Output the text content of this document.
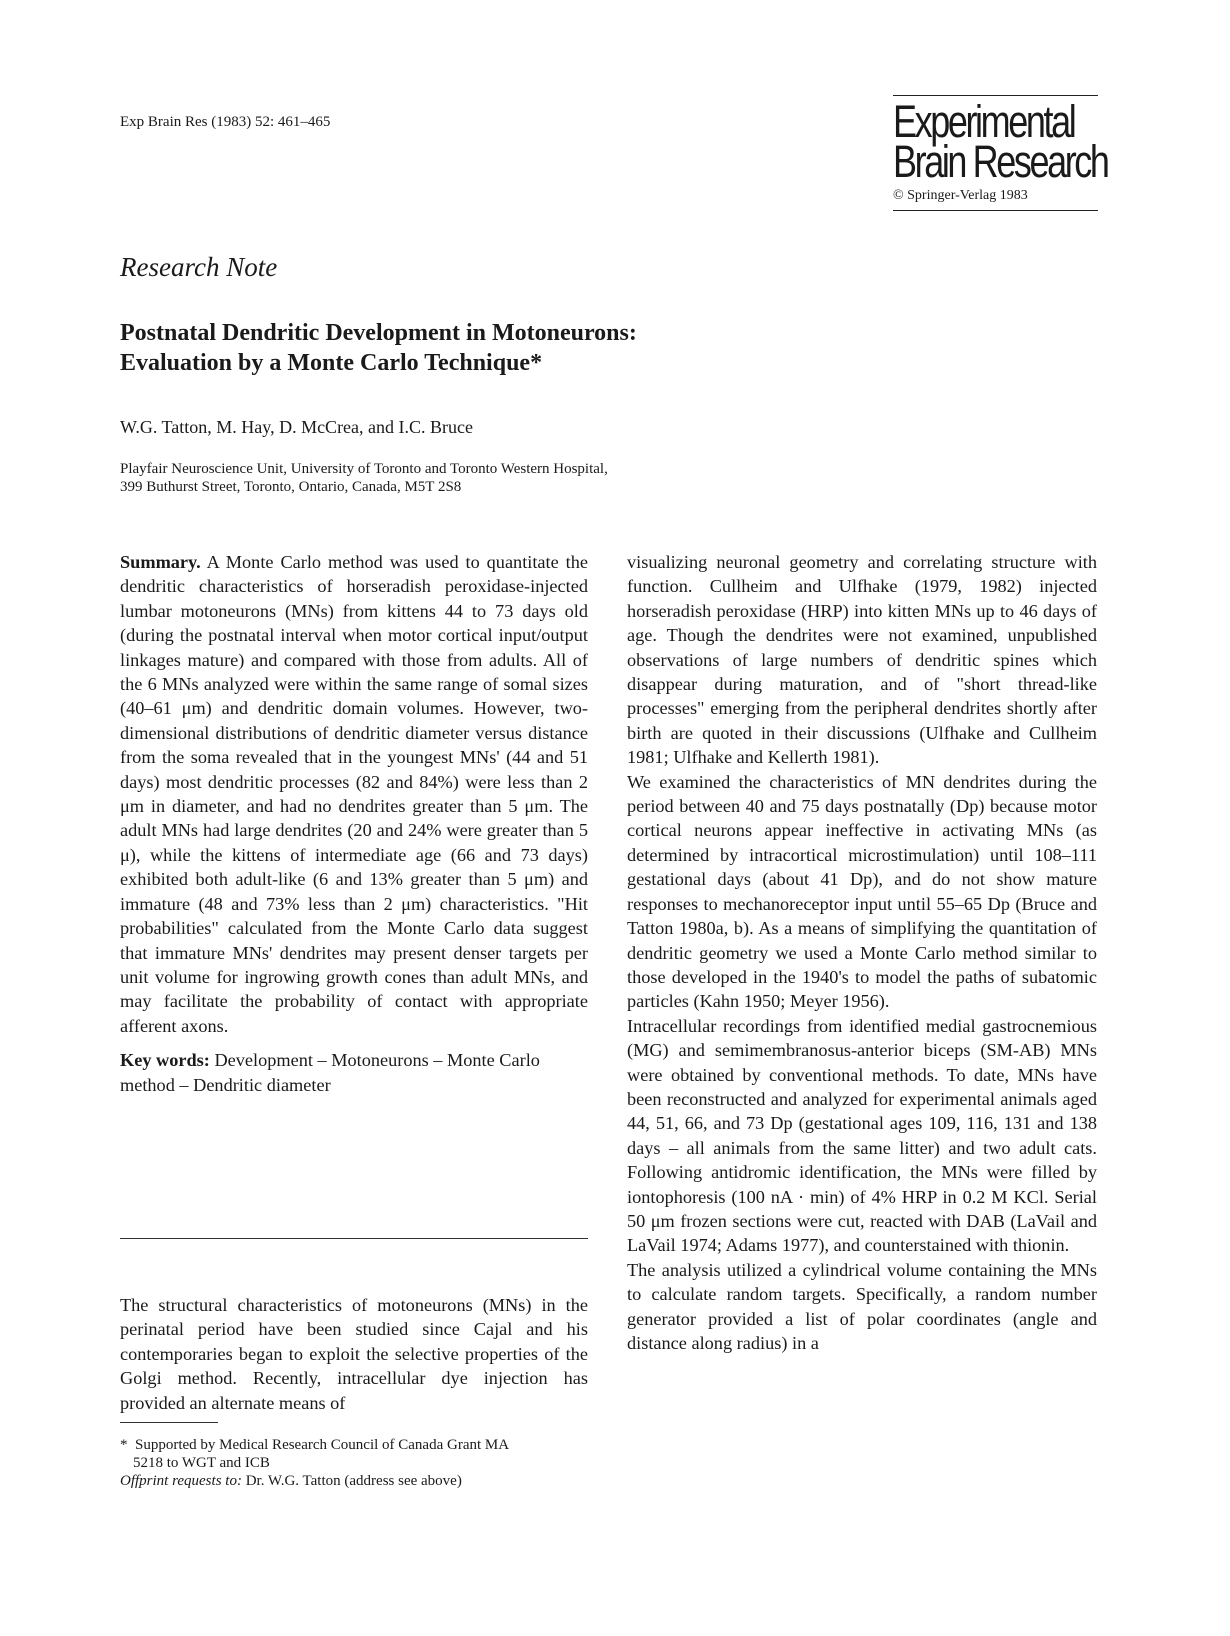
Exp Brain Res (1983) 52: 461–465	Experimental
Brain Research
© Springer-Verlag 1983
Research Note
Postnatal Dendritic Development in Motoneurons:
Evaluation by a Monte Carlo Technique*
W.G. Tatton, M. Hay, D. McCrea, and I.C. Bruce
Playfair Neuroscience Unit, University of Toronto and Toronto Western Hospital,
399 Buthurst Street, Toronto, Ontario, Canada, M5T 2S8

Summary. A Monte Carlo method was used to quantitate the dendritic characteristics of horseradish peroxidase-injected lumbar motoneurons (MNs) from kittens 44 to 73 days old (during the postnatal interval when motor cortical input/output linkages mature) and compared with those from adults. All of the 6 MNs analyzed were within the same range of somal sizes (40–61 μm) and dendritic domain volumes. However, two-dimensional distributions of dendritic diameter versus distance from the soma revealed that in the youngest MNs' (44 and 51 days) most dendritic processes (82 and 84%) were less than 2 μm in diameter, and had no dendrites greater than 5 μm. The adult MNs had large dendrites (20 and 24% were greater than 5 μ), while the kittens of intermediate age (66 and 73 days) exhibited both adult-like (6 and 13% greater than 5 μm) and immature (48 and 73% less than 2 μm) characteristics. "Hit probabilities" calculated from the Monte Carlo data suggest that immature MNs' dendrites may present denser targets per unit volume for ingrowing growth cones than adult MNs, and may facilitate the probability of contact with appropriate afferent axons.

Key words: Development – Motoneurons – Monte Carlo method – Dendritic diameter

The structural characteristics of motoneurons (MNs) in the perinatal period have been studied since Cajal and his contemporaries began to exploit the selective properties of the Golgi method. Recently, intracellular dye injection has provided an alternate means of

* Supported by Medical Research Council of Canada Grant MA

5218 to WGT and ICB

Offprint requests to: Dr. W.G. Tatton (address see above)

visualizing neuronal geometry and correlating structure with function. Cullheim and Ulfhake (1979, 1982) injected horseradish peroxidase (HRP) into kitten MNs up to 46 days of age. Though the dendrites were not examined, unpublished observations of large numbers of dendritic spines which disappear during maturation, and of "short thread-like processes" emerging from the peripheral dendrites shortly after birth are quoted in their discussions (Ulfhake and Cullheim 1981; Ulfhake and Kellerth 1981).

We examined the characteristics of MN dendrites during the period between 40 and 75 days postnatally (Dp) because motor cortical neurons appear ineffective in activating MNs (as determined by intracortical microstimulation) until 108–111 gestational days (about 41 Dp), and do not show mature responses to mechanoreceptor input until 55–65 Dp (Bruce and Tatton 1980a, b). As a means of simplifying the quantitation of dendritic geometry we used a Monte Carlo method similar to those developed in the 1940's to model the paths of subatomic particles (Kahn 1950; Meyer 1956).

Intracellular recordings from identified medial gastrocnemious (MG) and semimembranosus-anterior biceps (SM-AB) MNs were obtained by conventional methods. To date, MNs have been reconstructed and analyzed for experimental animals aged 44, 51, 66, and 73 Dp (gestational ages 109, 116, 131 and 138 days – all animals from the same litter) and two adult cats. Following antidromic identification, the MNs were filled by iontophoresis (100 nA · min) of 4% HRP in 0.2 M KCl. Serial 50 μm frozen sections were cut, reacted with DAB (LaVail and LaVail 1974; Adams 1977), and counterstained with thionin.

The analysis utilized a cylindrical volume containing the MNs to calculate random targets. Specifically, a random number generator provided a list of polar coordinates (angle and distance along radius) in a
